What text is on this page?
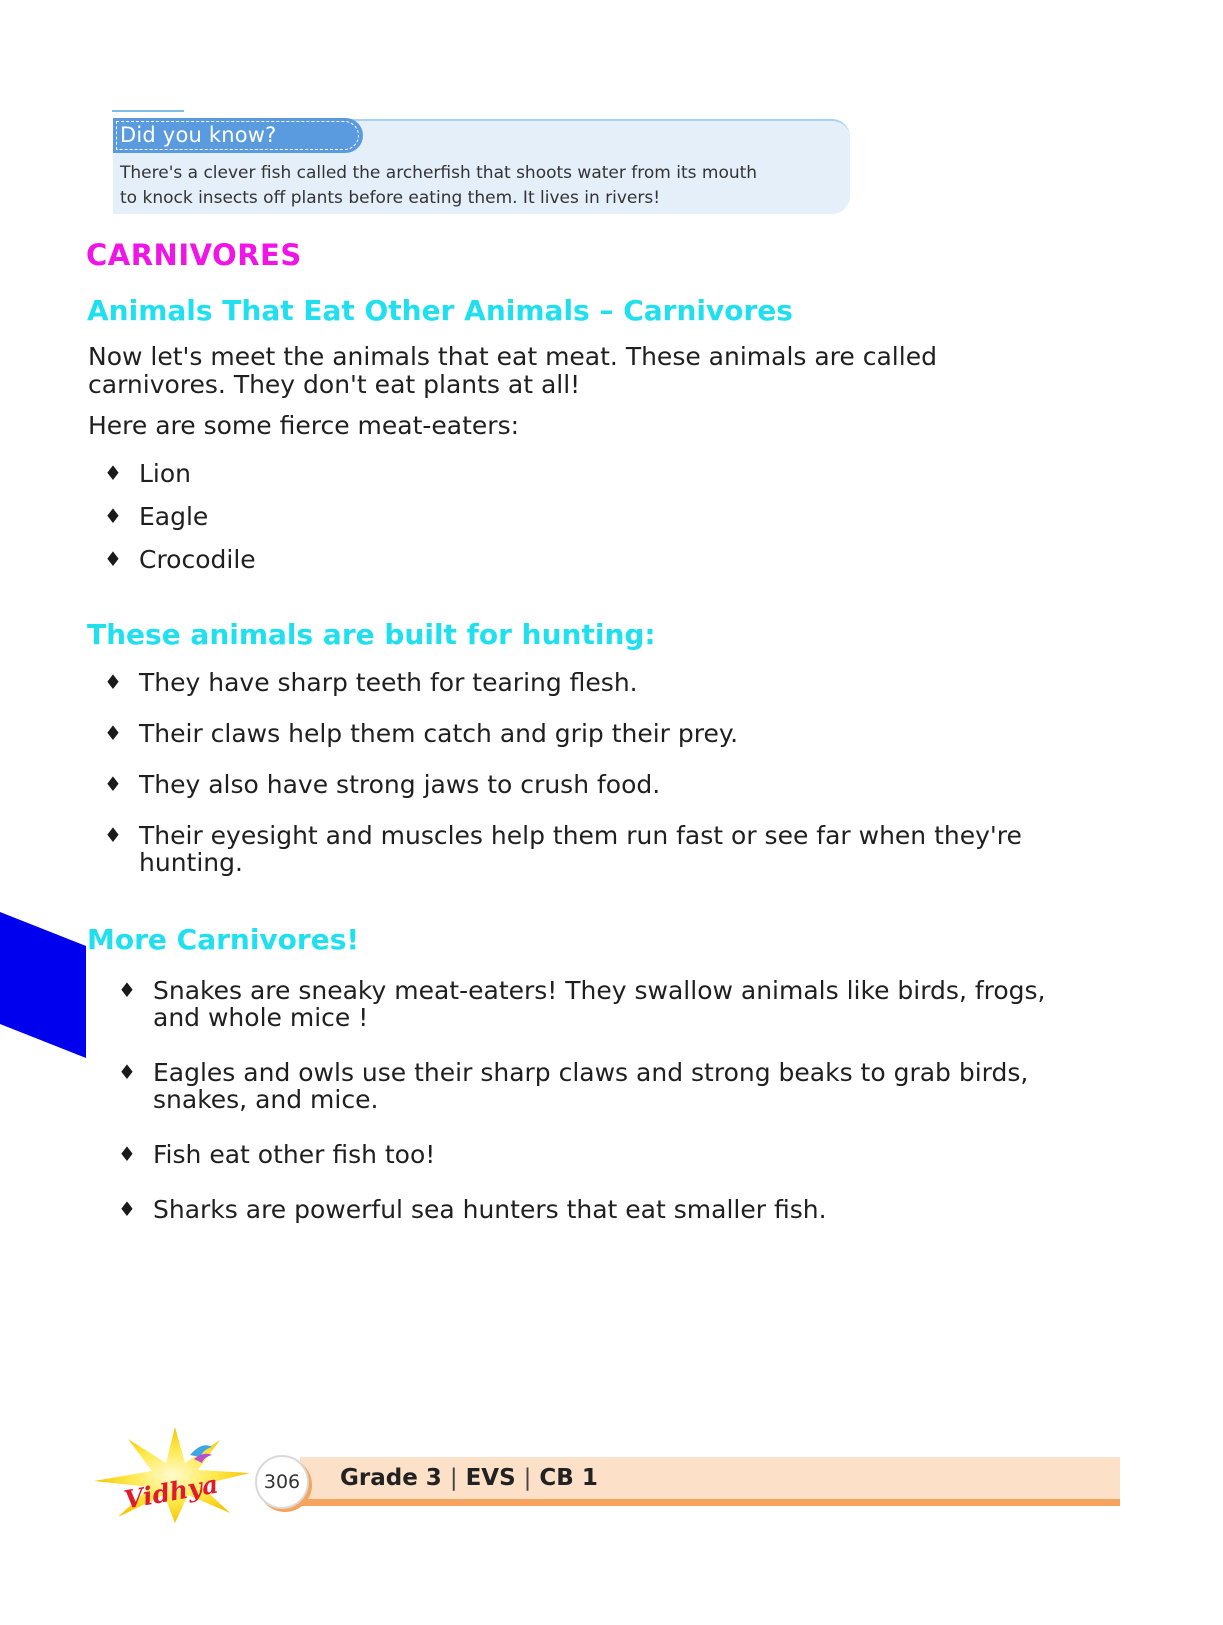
Did you know?
There's a clever fish called the archerfish that shoots water from its mouth
to knock insects off plants before eating them. It lives in rivers!
CARNIVORES
Animals That Eat Other Animals – Carnivores
Now let's meet the animals that eat meat. These animals are called
carnivores. They don't eat plants at all!
Here are some fierce meat-eaters:
♦ Lion
♦ Eagle
♦ Crocodile
These animals are built for hunting:
♦ They have sharp teeth for tearing flesh.
♦ Their claws help them catch and grip their prey.
♦ They also have strong jaws to crush food.
♦ Their eyesight and muscles help them run fast or see far when they're
hunting.
More Carnivores!
♦ Snakes are sneaky meat-eaters! They swallow animals like birds, frogs,
and whole mice !
♦ Eagles and owls use their sharp claws and strong beaks to grab birds,
snakes, and mice.
♦ Fish eat other fish too!
♦ Sharks are powerful sea hunters that eat smaller fish.
Vidhya	306	Grade 3 | EVS | CB 1
